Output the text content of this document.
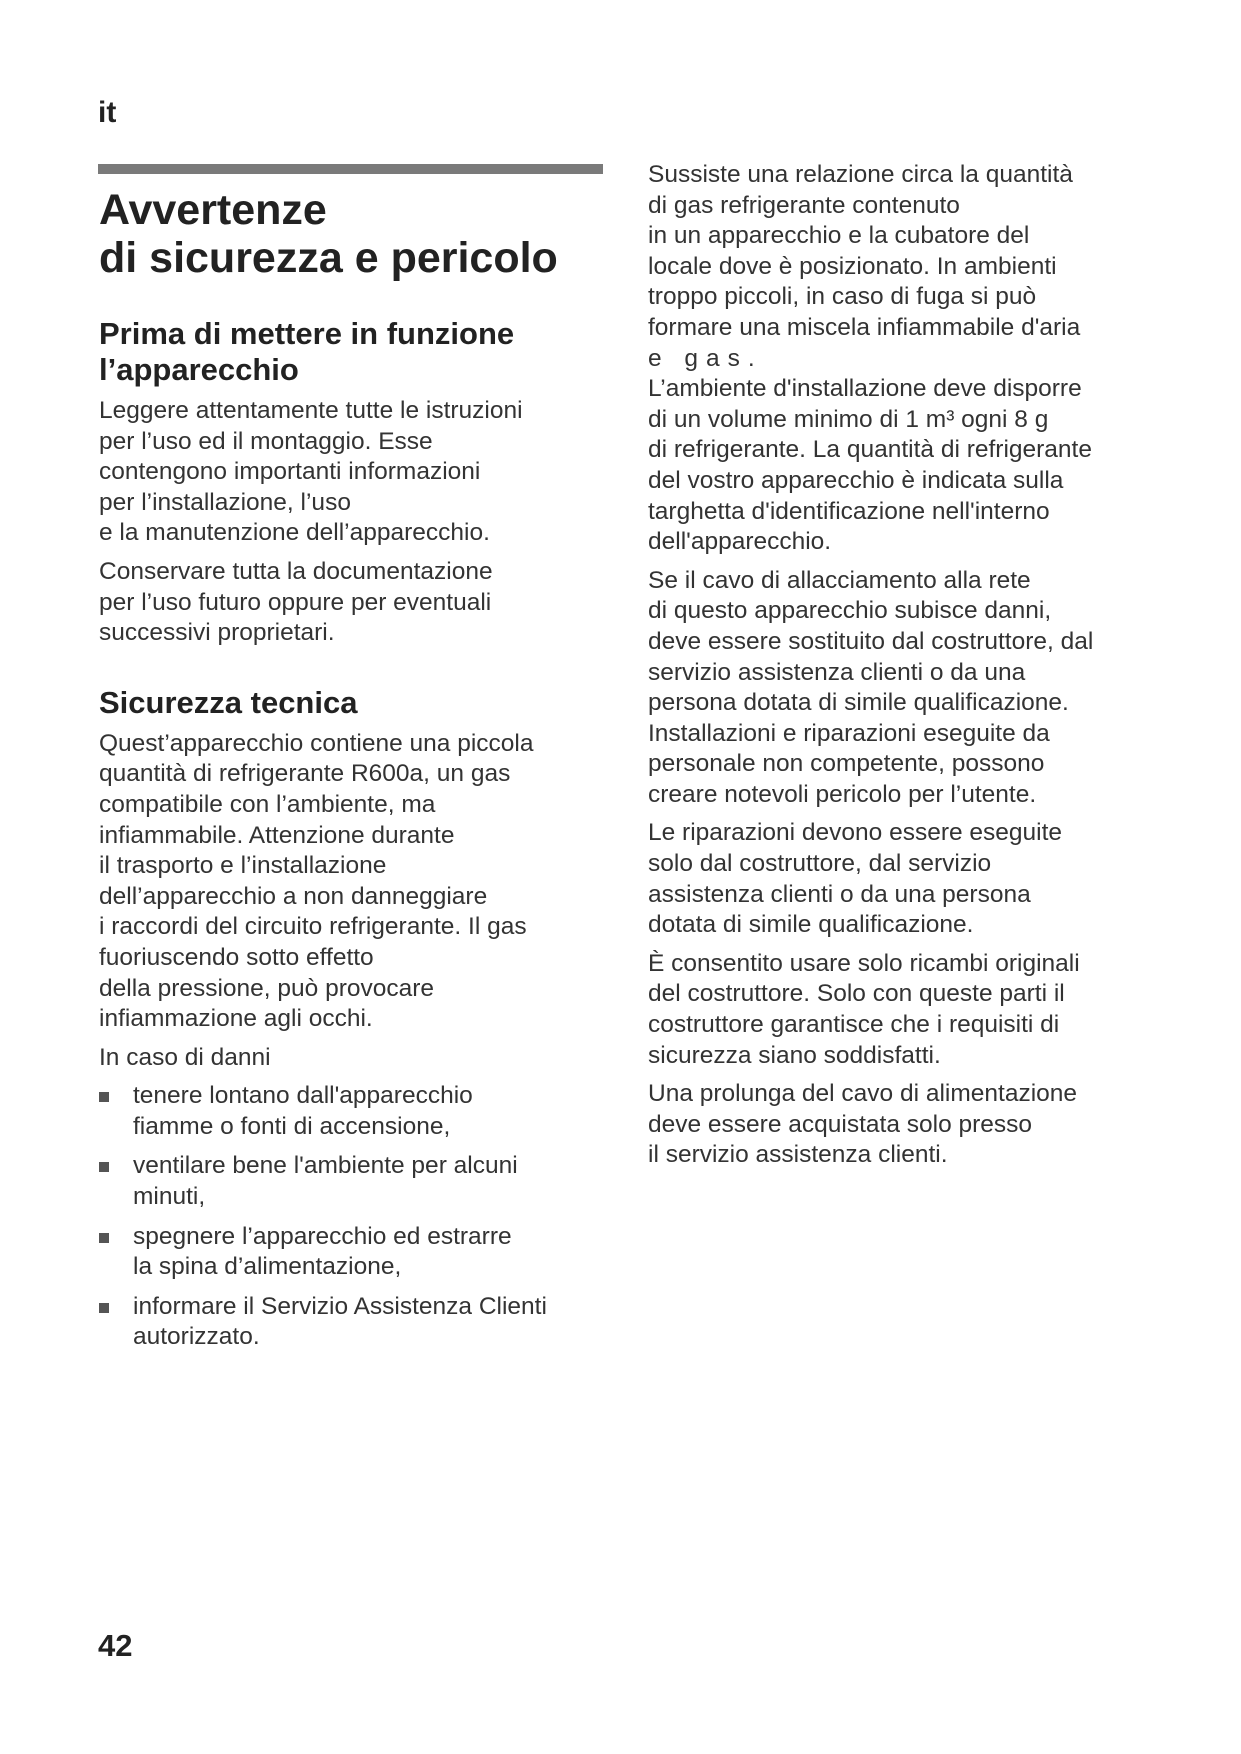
it
Avvertenze
di sicurezza e pericolo
Prima di mettere in funzione
l’apparecchio

Leggere attentamente tutte le istruzioni
per l’uso ed il montaggio. Esse
contengono importanti informazioni
per l’installazione, l’uso
e la manutenzione dell’apparecchio.

Conservare tutta la documentazione
per l’uso futuro oppure per eventuali
successivi proprietari.

Sicurezza tecnica

Quest’apparecchio contiene una piccola
quantità di refrigerante R600a, un gas
compatibile con l’ambiente, ma
infiammabile. Attenzione durante
il trasporto e l’installazione
dell’apparecchio a non danneggiare
i raccordi del circuito refrigerante. Il gas
fuoriuscendo sotto effetto
della pressione, può provocare
infiammazione agli occhi.

In caso di danni

tenere lontano dall'apparecchio
fiamme o fonti di accensione,
ventilare bene l'ambiente per alcuni
minuti,
spegnere l’apparecchio ed estrarre
la spina d’alimentazione,
informare il Servizio Assistenza Clienti
autorizzato.

Sussiste una relazione circa la quantità
di gas refrigerante contenuto
in un apparecchio e la cubatore del
locale dove è posizionato. In ambienti
troppo piccoli, in caso di fuga si può
formare una miscela infiammabile d'aria
e gas.
L’ambiente d'installazione deve disporre
di un volume minimo di 1 m³ ogni 8 g
di refrigerante. La quantità di refrigerante
del vostro apparecchio è indicata sulla
targhetta d'identificazione nell'interno
dell'apparecchio.

Se il cavo di allacciamento alla rete
di questo apparecchio subisce danni,
deve essere sostituito dal costruttore, dal
servizio assistenza clienti o da una
persona dotata di simile qualificazione.
Installazioni e riparazioni eseguite da
personale non competente, possono
creare notevoli pericolo per l’utente.

Le riparazioni devono essere eseguite
solo dal costruttore, dal servizio
assistenza clienti o da una persona
dotata di simile qualificazione.

È consentito usare solo ricambi originali
del costruttore. Solo con queste parti il
costruttore garantisce che i requisiti di
sicurezza siano soddisfatti.

Una prolunga del cavo di alimentazione
deve essere acquistata solo presso
il servizio assistenza clienti.

42
